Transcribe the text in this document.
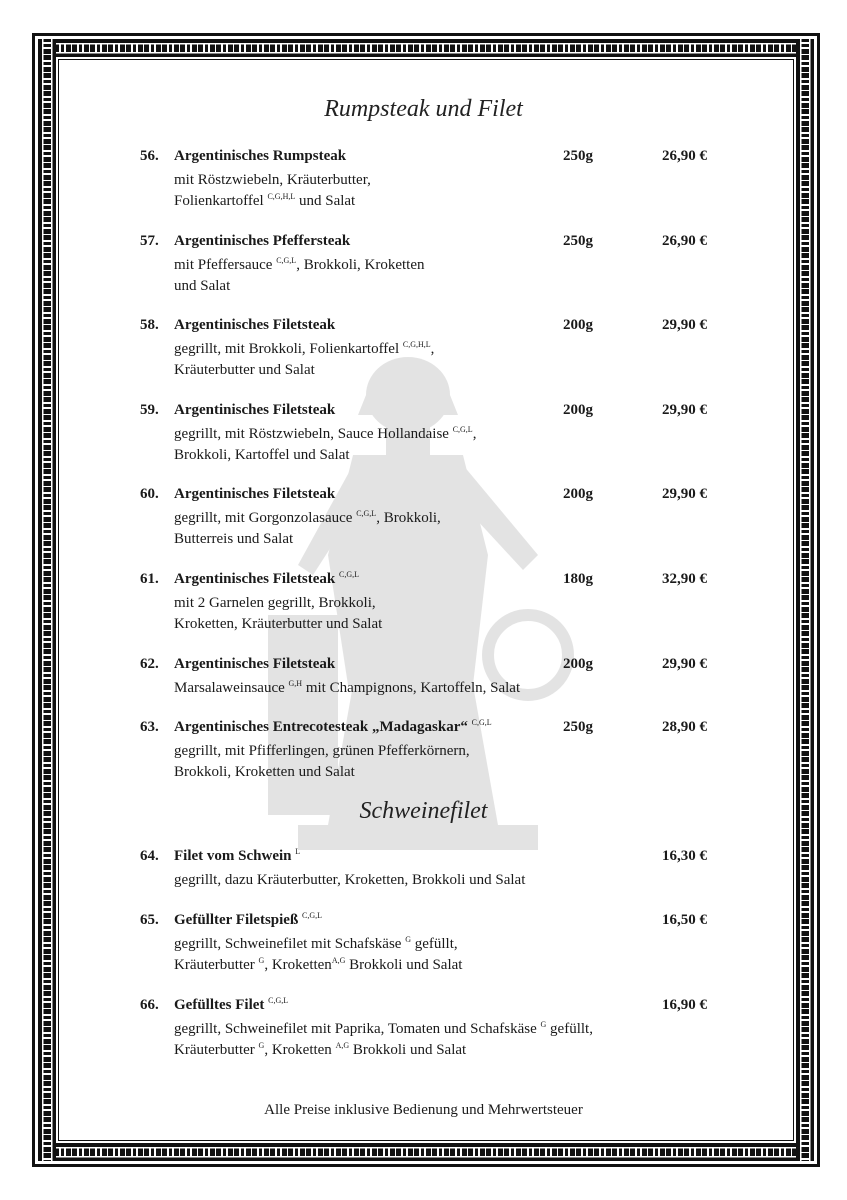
Rumpsteak und Filet
56. Argentinisches Rumpsteak	250g	26,90 €
mit Röstzwiebeln, Kräuterbutter,
Folienkartoffel $^{C,G,H,L}$ und Salat
57. Argentinisches Pfeffersteak	250g	26,90 €
mit Pfeffersauce $^{C,G,L}$, Brokkoli, Kroketten
und Salat
58. Argentinisches Filetsteak	200g	29,90 €
gegrillt, mit Brokkoli, Folienkartoffel $^{C,G,H,L}$,
Kräuterbutter und Salat
59. Argentinisches Filetsteak	200g	29,90 €
gegrillt, mit Röstzwiebeln, Sauce Hollandaise $^{C,G,L}$,
Brokkoli, Kartoffel und Salat
60. Argentinisches Filetsteak	200g	29,90 €
gegrillt, mit Gorgonzolasauce $^{C,G,L}$, Brokkoli,
Butterreis und Salat
61. Argentinisches Filetsteak $^{C,G,L}$	180g	32,90 €
mit 2 Garnelen gegrillt, Brokkoli,
Kroketten, Kräuterbutter und Salat
62. Argentinisches Filetsteak	200g	29,90 €
Marsalaweinsauce $^{G,H}$ mit Champignons, Kartoffeln, Salat
63. Argentinisches Entrecotesteak „Madagaskar“ $^{C,G,L}$	250g	28,90 €
gegrillt, mit Pfifferlingen, grünen Pfefferkörnern,
Brokkoli, Kroketten und Salat
Schweinefilet
64. Filet vom Schwein $^L$	16,30 €
gegrillt, dazu Kräuterbutter, Kroketten, Brokkoli und Salat
65. Gefüllter Filetspieß $^{C,G,L}$	16,50 €
gegrillt, Schweinefilet mit Schafskäse $^G$ gefüllt,
Kräuterbutter $^G$, Kroketten$^{A,G}$ Brokkoli und Salat
66. Gefülltes Filet $^{C,G,L}$	16,90 €
gegrillt, Schweinefilet mit Paprika, Tomaten und Schafskäse $^G$ gefüllt,
Kräuterbutter $^G$, Kroketten $^{A,G}$ Brokkoli und Salat
Alle Preise inklusive Bedienung und Mehrwertsteuer
